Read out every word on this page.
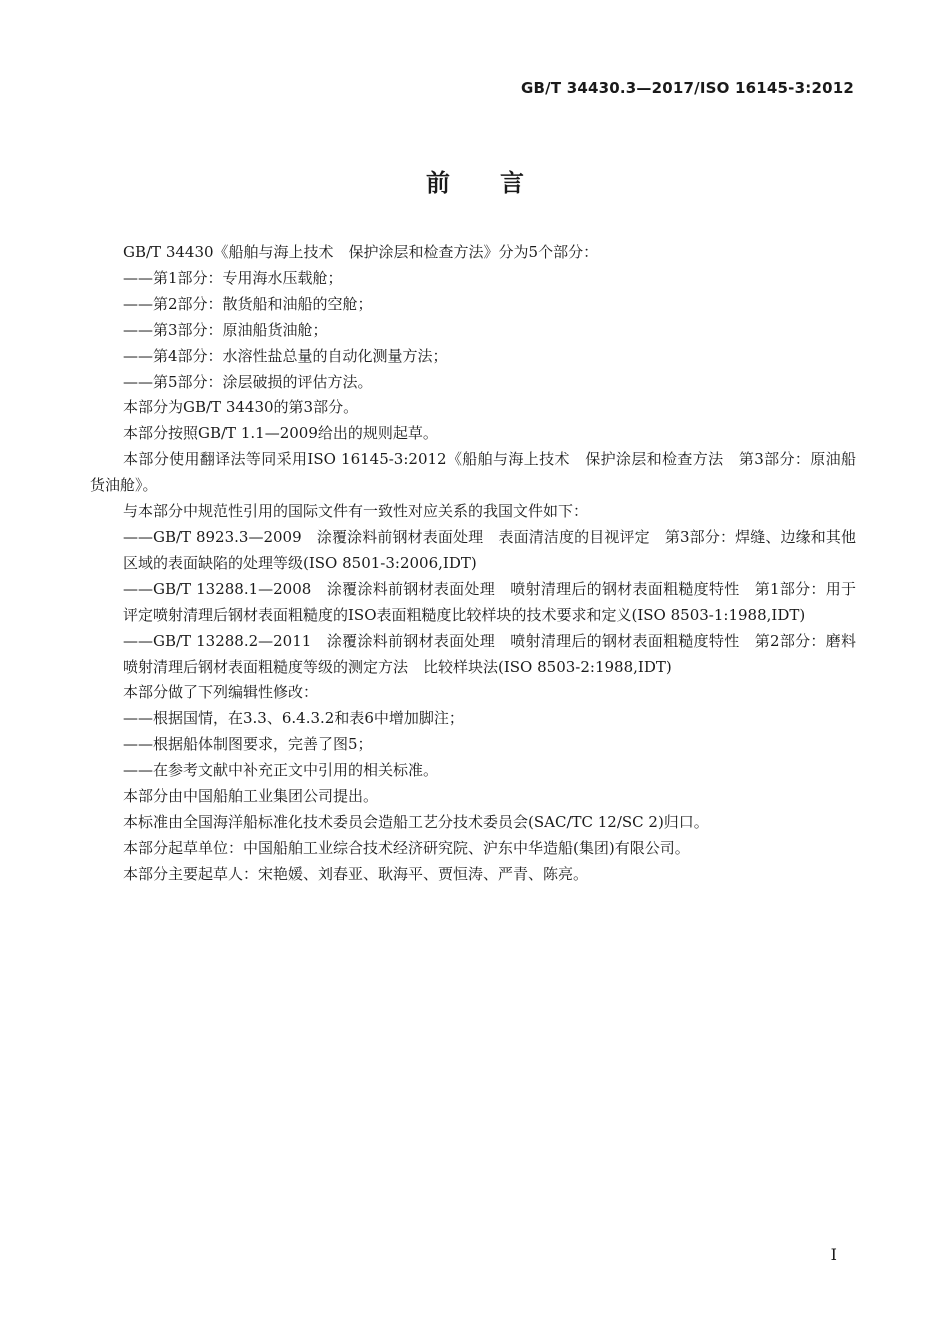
GB/T 34430.3—2017/ISO 16145-3:2012
前言

GB/T 34430《船舶与海上技术　保护涂层和检查方法》分为5个部分：

——第1部分：专用海水压载舱；

——第2部分：散货船和油船的空舱；

——第3部分：原油船货油舱；

——第4部分：水溶性盐总量的自动化测量方法；

——第5部分：涂层破损的评估方法。

本部分为GB/T 34430的第3部分。

本部分按照GB/T 1.1—2009给出的规则起草。

本部分使用翻译法等同采用ISO 16145-3:2012《船舶与海上技术　保护涂层和检查方法　第3部分：原油船货油舱》。

与本部分中规范性引用的国际文件有一致性对应关系的我国文件如下：

——GB/T 8923.3—2009　涂覆涂料前钢材表面处理　表面清洁度的目视评定　第3部分：焊缝、边缘和其他区域的表面缺陷的处理等级(ISO 8501-3:2006,IDT)

——GB/T 13288.1—2008　涂覆涂料前钢材表面处理　喷射清理后的钢材表面粗糙度特性　第1部分：用于评定喷射清理后钢材表面粗糙度的ISO表面粗糙度比较样块的技术要求和定义(ISO 8503-1:1988,IDT)

——GB/T 13288.2—2011　涂覆涂料前钢材表面处理　喷射清理后的钢材表面粗糙度特性　第2部分：磨料喷射清理后钢材表面粗糙度等级的测定方法　比较样块法(ISO 8503-2:1988,IDT)

本部分做了下列编辑性修改：

——根据国情，在3.3、6.4.3.2和表6中增加脚注；

——根据船体制图要求，完善了图5；

——在参考文献中补充正文中引用的相关标准。

本部分由中国船舶工业集团公司提出。

本标准由全国海洋船标准化技术委员会造船工艺分技术委员会(SAC/TC 12/SC 2)归口。

本部分起草单位：中国船舶工业综合技术经济研究院、沪东中华造船(集团)有限公司。

本部分主要起草人：宋艳媛、刘春亚、耿海平、贾恒涛、严青、陈亮。

I
